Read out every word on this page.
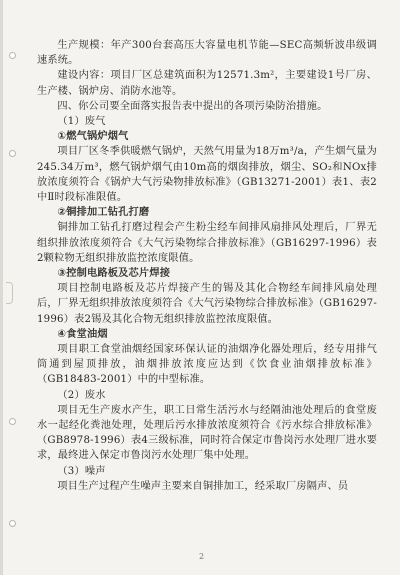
生产规模：年产300台套高压大容量电机节能—SEC高频斩波串级调速系统。

建设内容：项目厂区总建筑面积为12571.3m²，主要建设1号厂房、生产楼、锅炉房、消防水池等。

四、你公司要全面落实报告表中提出的各项污染防治措施。

（1）废气

①燃气锅炉烟气

项目厂区冬季供暖燃气锅炉，天然气用量为18万m³/a，产生烟气量为245.34万m³，燃气锅炉烟气由10m高的烟囱排放，烟尘、SO₂和NOx排放浓度须符合《锅炉大气污染物排放标准》（GB13271-2001）表1、表2中Ⅱ时段标准限值。

②铜排加工钻孔打磨

铜排加工钻孔打磨过程会产生粉尘经车间排风扇排风处理后，厂界无组织排放浓度须符合《大气污染物综合排放标准》（GB16297-1996）表2颗粒物无组织排放监控浓度限值。

③控制电路板及芯片焊接

项目控制电路板及芯片焊接产生的锡及其化合物经车间排风扇处理后，厂界无组织排放浓度须符合《大气污染物综合排放标准》（GB16297-1996）表2锡及其化合物无组织排放监控浓度限值。

④食堂油烟

项目职工食堂油烟经国家环保认证的油烟净化器处理后，经专用排气筒通到屋顶排放，油烟排放浓度应达到《饮食业油烟排放标准》（GB18483-2001）中的中型标准。

（2）废水

项目无生产废水产生，职工日常生活污水与经隔油池处理后的食堂废水一起经化粪池处理，处理后污水排放浓度须符合《污水综合排放标准》（GB8978-1996）表4三级标准，同时符合保定市鲁岗污水处理厂进水要求，最终进入保定市鲁岗污水处理厂集中处理。

（3）噪声

项目生产过程产生噪声主要来自铜排加工，经采取厂房隔声、员

2
